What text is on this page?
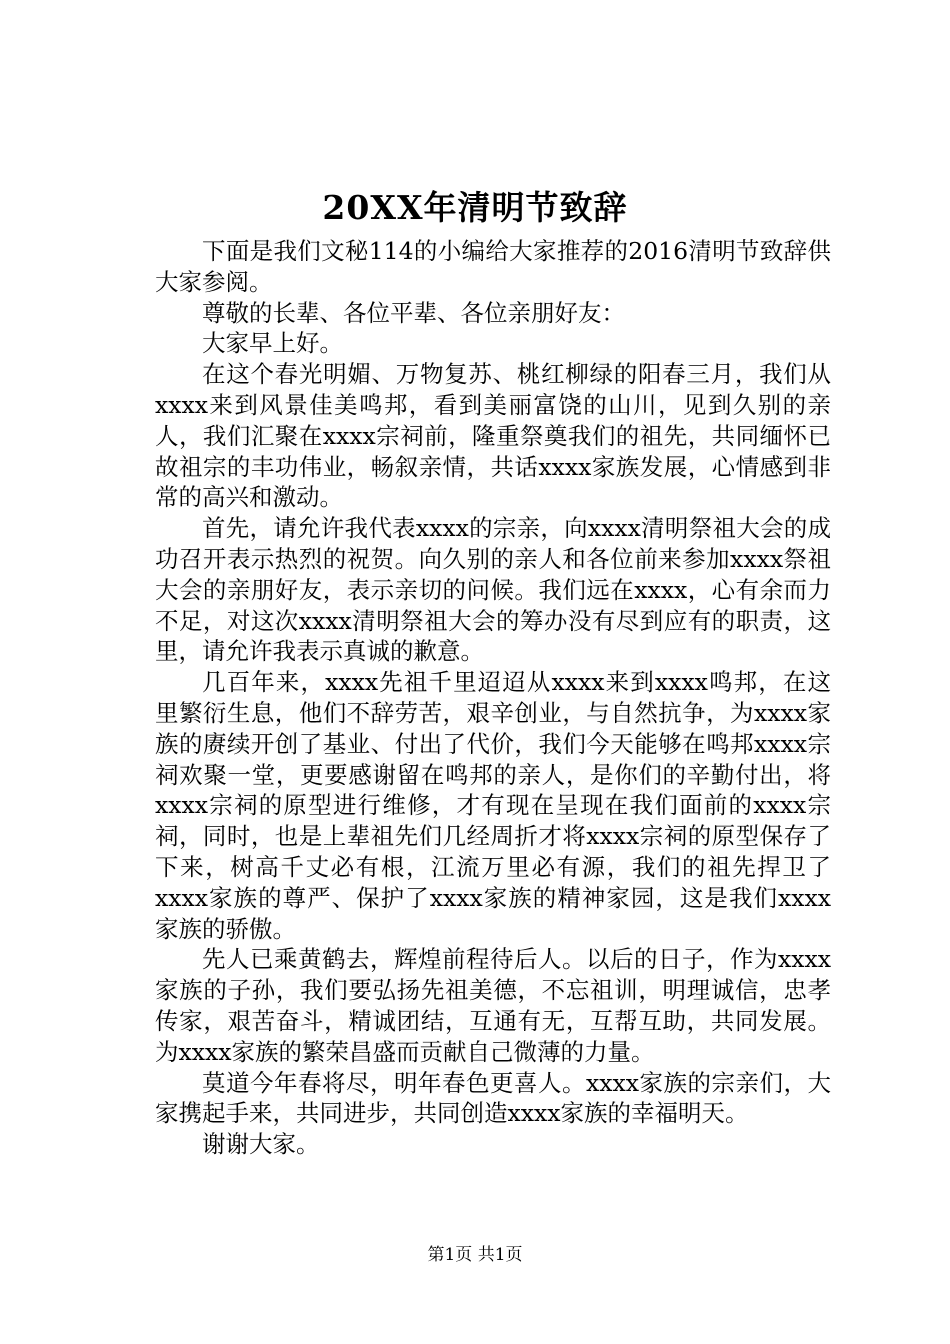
20XX年清明节致辞

下面是我们文秘114的小编给大家推荐的2016清明节致辞供大家参阅。

尊敬的长辈、各位平辈、各位亲朋好友：

大家早上好。

在这个春光明媚、万物复苏、桃红柳绿的阳春三月，我们从xxxx来到风景佳美鸣邦，看到美丽富饶的山川，见到久别的亲人，我们汇聚在xxxx宗祠前，隆重祭奠我们的祖先，共同缅怀已故祖宗的丰功伟业，畅叙亲情，共话xxxx家族发展，心情感到非常的高兴和激动。

首先，请允许我代表xxxx的宗亲，向xxxx清明祭祖大会的成功召开表示热烈的祝贺。向久别的亲人和各位前来参加xxxx祭祖大会的亲朋好友，表示亲切的问候。我们远在xxxx，心有余而力不足，对这次xxxx清明祭祖大会的筹办没有尽到应有的职责，这里，请允许我表示真诚的歉意。

几百年来，xxxx先祖千里迢迢从xxxx来到xxxx鸣邦，在这里繁衍生息，他们不辞劳苦，艰辛创业，与自然抗争，为xxxx家族的赓续开创了基业、付出了代价，我们今天能够在鸣邦xxxx宗祠欢聚一堂，更要感谢留在鸣邦的亲人，是你们的辛勤付出，将xxxx宗祠的原型进行维修，才有现在呈现在我们面前的xxxx宗祠，同时，也是上辈祖先们几经周折才将xxxx宗祠的原型保存了下来，树高千丈必有根，江流万里必有源，我们的祖先捍卫了xxxx家族的尊严、保护了xxxx家族的精神家园，这是我们xxxx家族的骄傲。

先人已乘黄鹤去，辉煌前程待后人。以后的日子，作为xxxx家族的子孙，我们要弘扬先祖美德，不忘祖训，明理诚信，忠孝传家，艰苦奋斗，精诚团结，互通有无，互帮互助，共同发展。为xxxx家族的繁荣昌盛而贡献自己微薄的力量。

莫道今年春将尽，明年春色更喜人。xxxx家族的宗亲们，大家携起手来，共同进步，共同创造xxxx家族的幸福明天。

谢谢大家。

第1页 共1页
